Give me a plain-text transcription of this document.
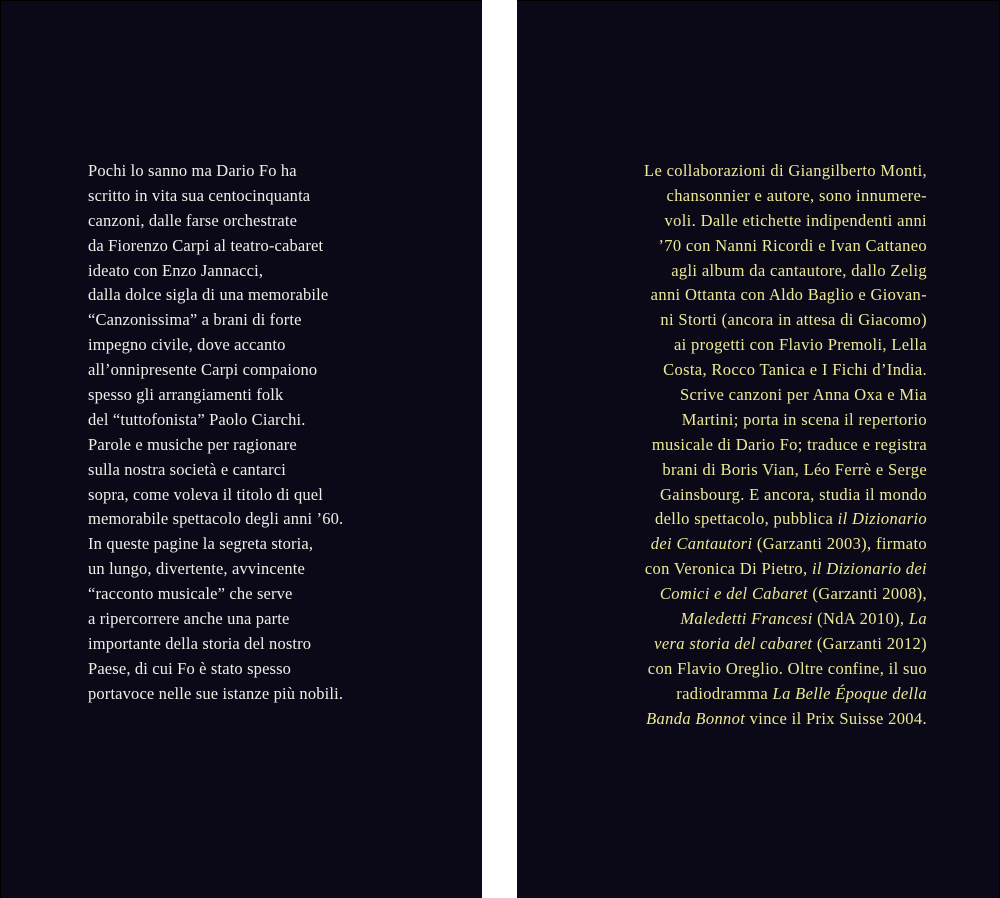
Pochi lo sanno ma Dario Fo ha
scritto in vita sua centocinquanta
canzoni, dalle farse orchestrate
da Fiorenzo Carpi al teatro-cabaret
ideato con Enzo Jannacci,
dalla dolce sigla di una memorabile
“Canzonissima” a brani di forte
impegno civile, dove accanto
all’onnipresente Carpi compaiono
spesso gli arrangiamenti folk
del “tuttofonista” Paolo Ciarchi.
Parole e musiche per ragionare
sulla nostra società e cantarci
sopra, come voleva il titolo di quel
memorabile spettacolo degli anni ’60.
In queste pagine la segreta storia,
un lungo, divertente, avvincente
“racconto musicale” che serve
a ripercorrere anche una parte
importante della storia del nostro
Paese, di cui Fo è stato spesso
portavoce nelle sue istanze più nobili.
Le collaborazioni di Giangilberto Monti,
chansonnier e autore, sono innumere-
voli. Dalle etichette indipendenti anni
’70 con Nanni Ricordi e Ivan Cattaneo
agli album da cantautore, dallo Zelig
anni Ottanta con Aldo Baglio e Giovan-
ni Storti (ancora in attesa di Giacomo)
ai progetti con Flavio Premoli, Lella
Costa, Rocco Tanica e I Fichi d’India.
Scrive canzoni per Anna Oxa e Mia
Martini; porta in scena il repertorio
musicale di Dario Fo; traduce e registra
brani di Boris Vian, Léo Ferrè e Serge
Gainsbourg. E ancora, studia il mondo
dello spettacolo, pubblica il Dizionario
dei Cantautori (Garzanti 2003), firmato
con Veronica Di Pietro, il Dizionario dei
Comici e del Cabaret (Garzanti 2008),
Maledetti Francesi (NdA 2010), La
vera storia del cabaret (Garzanti 2012)
con Flavio Oreglio. Oltre confine, il suo
radiodramma La Belle Époque della
Banda Bonnot vince il Prix Suisse 2004.
